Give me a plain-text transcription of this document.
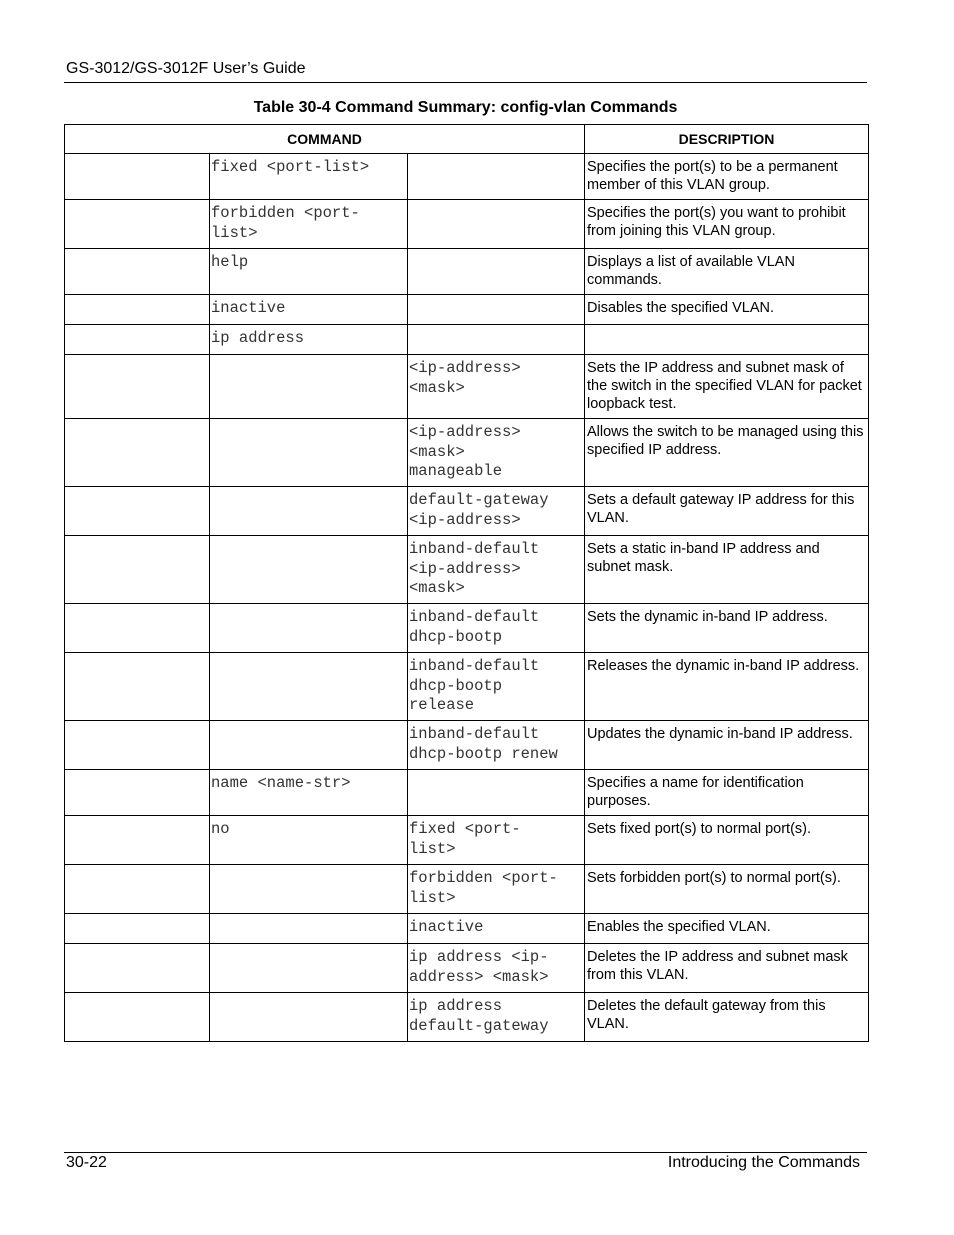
GS-3012/GS-3012F User’s Guide
Table 30-4 Command Summary: config-vlan Commands
COMMAND			DESCRIPTION

	fixed <port-list>		Specifies the port(s) to be a permanent member of this VLAN group.

	forbidden <port-
list>		Specifies the port(s) you want to prohibit from joining this VLAN group.

	help		Displays a list of available VLAN commands.

	inactive		Disables the specified VLAN.

	ip address		

		<ip-address>
<mask>	Sets the IP address and subnet mask of the switch in the specified VLAN for packet loopback test.

		<ip-address>
<mask>
manageable	Allows the switch to be managed using this specified IP address.

		default-gateway
<ip-address>	Sets a default gateway IP address for this VLAN.

		inband-default
<ip-address>
<mask>	Sets a static in-band IP address and subnet mask.

		inband-default
dhcp-bootp	Sets the dynamic in-band IP address.

		inband-default
dhcp-bootp
release	Releases the dynamic in-band IP address.

		inband-default
dhcp-bootp renew	Updates the dynamic in-band IP address.

	name <name-str>		Specifies a name for identification purposes.

	no	fixed <port-
list>	Sets fixed port(s) to normal port(s).

		forbidden <port-
list>	Sets forbidden port(s) to normal port(s).

		inactive	Enables the specified VLAN.

		ip address <ip-
address> <mask>	Deletes the IP address and subnet mask from this VLAN.

		ip address
default-gateway	Deletes the default gateway from this VLAN.
30-22	Introducing the Commands
